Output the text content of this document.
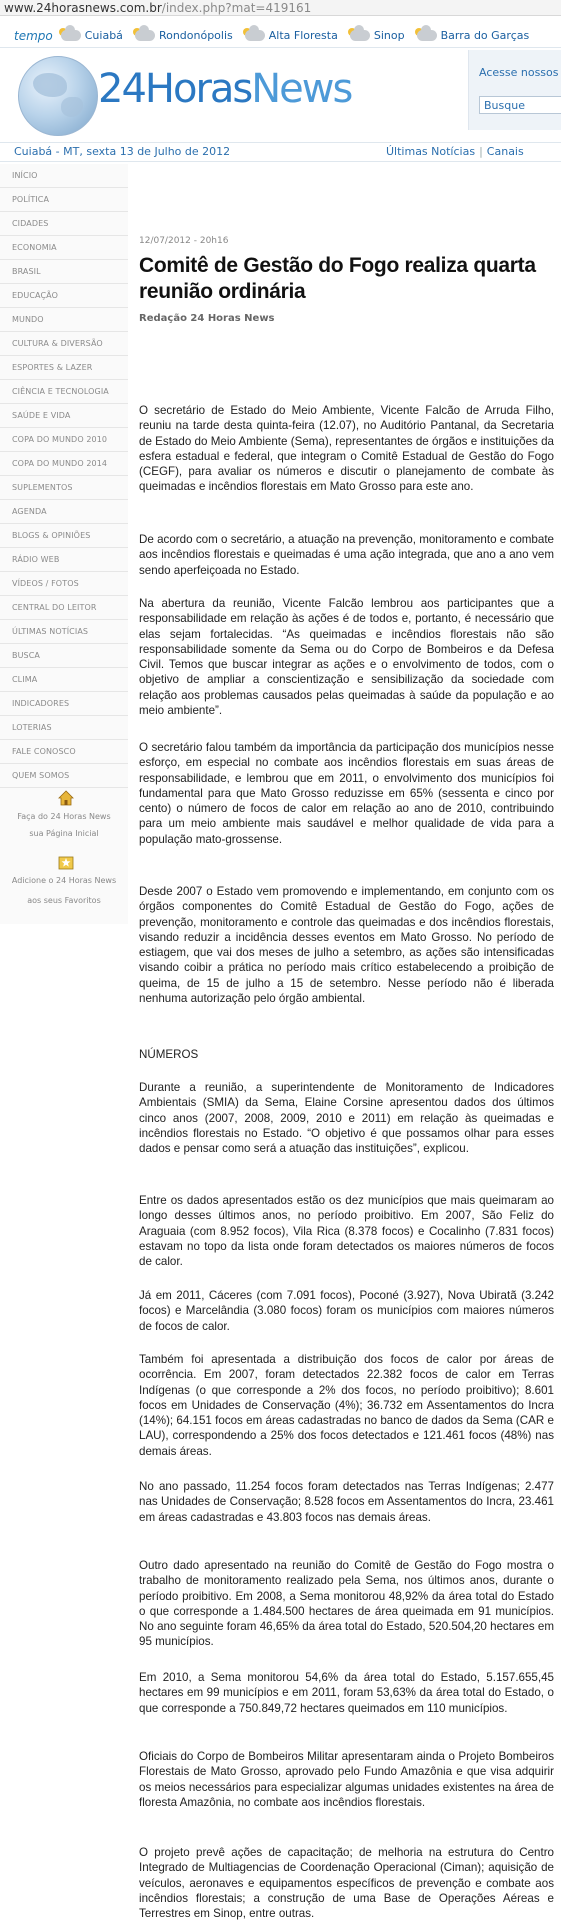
www.24horasnews.com.br/index.php?mat=419161
tempo	Cuiabá	Rondonópolis	Alta Floresta	Sinop	Barra do Garças
24HorasNews	Acesse nossos
Busque
Cuiabá - MT, sexta 13 de Julho de 2012	Últimas Notícias | Canais
INÍCIO
POLÍTICA
CIDADES
ECONOMIA
BRASIL
EDUCAÇÃO
MUNDO
CULTURA & DIVERSÃO
ESPORTES & LAZER
CIÊNCIA E TECNOLOGIA
SAÚDE E VIDA
COPA DO MUNDO 2010
COPA DO MUNDO 2014
SUPLEMENTOS
AGENDA
BLOGS & OPINIÕES
RÁDIO WEB
VÍDEOS / FOTOS
CENTRAL DO LEITOR
ÚLTIMAS NOTÍCIAS
BUSCA
CLIMA
INDICADORES
LOTERIAS
FALE CONOSCO
QUEM SOMOS
Faça do 24 Horas News
sua Página Inicial
Adicione o 24 Horas News
aos seus Favoritos
12/07/2012 - 20h16
Comitê de Gestão do Fogo realiza quarta reunião ordinária
Redação 24 Horas News

O secretário de Estado do Meio Ambiente, Vicente Falcão de Arruda Filho, reuniu na tarde desta quinta-feira (12.07), no Auditório Pantanal, da Secretaria de Estado do Meio Ambiente (Sema), representantes de órgãos e instituições da esfera estadual e federal, que integram o Comitê Estadual de Gestão do Fogo (CEGF), para avaliar os números e discutir o planejamento de combate às queimadas e incêndios florestais em Mato Grosso para este ano.

De acordo com o secretário, a atuação na prevenção, monitoramento e combate aos incêndios florestais e queimadas é uma ação integrada, que ano a ano vem sendo aperfeiçoada no Estado.

Na abertura da reunião, Vicente Falcão lembrou aos participantes que a responsabilidade em relação às ações é de todos e, portanto, é necessário que elas sejam fortalecidas. “As queimadas e incêndios florestais não são responsabilidade somente da Sema ou do Corpo de Bombeiros e da Defesa Civil. Temos que buscar integrar as ações e o envolvimento de todos, com o objetivo de ampliar a conscientização e sensibilização da sociedade com relação aos problemas causados pelas queimadas à saúde da população e ao meio ambiente”.

O secretário falou também da importância da participação dos municípios nesse esforço, em especial no combate aos incêndios florestais em suas áreas de responsabilidade, e lembrou que em 2011, o envolvimento dos municípios foi fundamental para que Mato Grosso reduzisse em 65% (sessenta e cinco por cento) o número de focos de calor em relação ao ano de 2010, contribuindo para um meio ambiente mais saudável e melhor qualidade de vida para a população mato-grossense.

Desde 2007 o Estado vem promovendo e implementando, em conjunto com os órgãos componentes do Comitê Estadual de Gestão do Fogo, ações de prevenção, monitoramento e controle das queimadas e dos incêndios florestais, visando reduzir a incidência desses eventos em Mato Grosso. No período de estiagem, que vai dos meses de julho a setembro, as ações são intensificadas visando coibir a prática no período mais crítico estabelecendo a proibição de queima, de 15 de julho a 15 de setembro. Nesse período não é liberada nenhuma autorização pelo órgão ambiental.

NÚMEROS

Durante a reunião, a superintendente de Monitoramento de Indicadores Ambientais (SMIA) da Sema, Elaine Corsine apresentou dados dos últimos cinco anos (2007, 2008, 2009, 2010 e 2011) em relação às queimadas e incêndios florestais no Estado. “O objetivo é que possamos olhar para esses dados e pensar como será a atuação das instituições”, explicou.

Entre os dados apresentados estão os dez municípios que mais queimaram ao longo desses últimos anos, no período proibitivo. Em 2007, São Feliz do Araguaia (com 8.952 focos), Vila Rica (8.378 focos) e Cocalinho (7.831 focos) estavam no topo da lista onde foram detectados os maiores números de focos de calor.

Já em 2011, Cáceres (com 7.091 focos), Poconé (3.927), Nova Ubiratã (3.242 focos) e Marcelândia (3.080 focos) foram os municípios com maiores números de focos de calor.

Também foi apresentada a distribuição dos focos de calor por áreas de ocorrência. Em 2007, foram detectados 22.382 focos de calor em Terras Indígenas (o que corresponde a 2% dos focos, no período proibitivo); 8.601 focos em Unidades de Conservação (4%); 36.732 em Assentamentos do Incra (14%); 64.151 focos em áreas cadastradas no banco de dados da Sema (CAR e LAU), correspondendo a 25% dos focos detectados e 121.461 focos (48%) nas demais áreas.

No ano passado, 11.254 focos foram detectados nas Terras Indígenas; 2.477 nas Unidades de Conservação; 8.528 focos em Assentamentos do Incra, 23.461 em áreas cadastradas e 43.803 focos nas demais áreas.

Outro dado apresentado na reunião do Comitê de Gestão do Fogo mostra o trabalho de monitoramento realizado pela Sema, nos últimos anos, durante o período proibitivo. Em 2008, a Sema monitorou 48,92% da área total do Estado o que corresponde a 1.484.500 hectares de área queimada em 91 municípios. No ano seguinte foram 46,65% da área total do Estado, 520.504,20 hectares em 95 municípios.

Em 2010, a Sema monitorou 54,6% da área total do Estado, 5.157.655,45 hectares em 99 municípios e em 2011, foram 53,63% da área total do Estado, o que corresponde a 750.849,72 hectares queimados em 110 municípios.

Oficiais do Corpo de Bombeiros Militar apresentaram ainda o Projeto Bombeiros Florestais de Mato Grosso, aprovado pelo Fundo Amazônia e que visa adquirir os meios necessários para especializar algumas unidades existentes na área de floresta Amazônia, no combate aos incêndios florestais.

O projeto prevê ações de capacitação; de melhoria na estrutura do Centro Integrado de Multiagencias de Coordenação Operacional (Ciman); aquisição de veículos, aeronaves e equipamentos específicos de prevenção e combate aos incêndios florestais; a construção de uma Base de Operações Aéreas e Terrestres em Sinop, entre outras.
